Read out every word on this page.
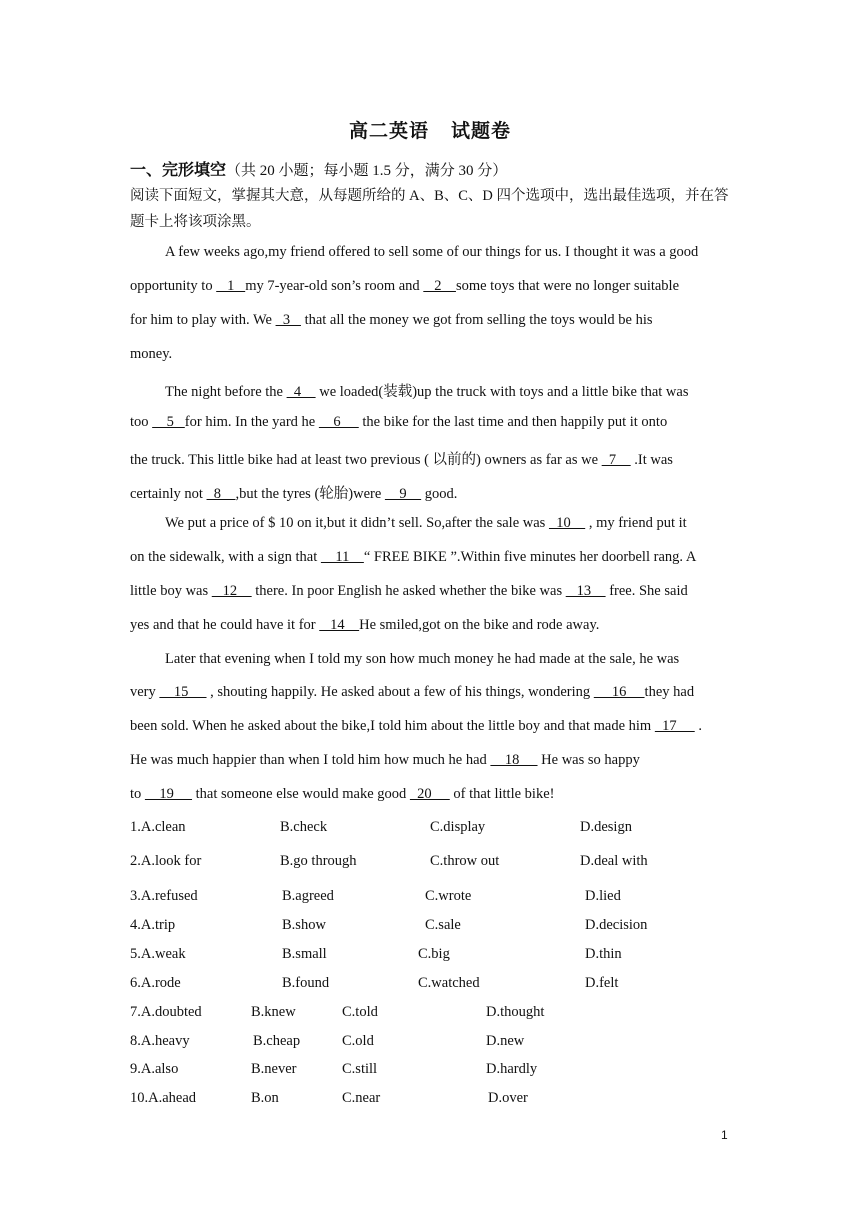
高二英语 试题卷
一、完形填空（共 20 小题；每小题 1.5 分，满分 30 分）
阅读下面短文，掌握其大意，从每题所给的 A、B、C、D 四个选项中，选出最佳选项，并在答题卡上将该项涂黑。
A few weeks ago,my friend offered to sell some of our things for us. I thought it was a good
opportunity to    1   my 7-year-old son’s room and    2    some toys that were no longer suitable
for him to play with. We   3    that all the money we got from selling the toys would be his
money.
The night before the   4     we loaded(装载)up the truck with toys and a little bike that was
too     5   for him. In the yard he     6      the bike for the last time and then happily put it onto
the truck. This little bike had at least two previous ( 以前的) owners as far as we   7     .It was
certainly not   8    ,but the tyres (轮胎)were     9     good.
We put a price of $ 10 on it,but it didn’t sell. So,after the sale was   10     , my friend put it
on the sidewalk, with a sign that     11    “ FREE BIKE ”.Within five minutes her doorbell rang. A
little boy was    12     there. In poor English he asked whether the bike was    13     free. She said
yes and that he could have it for    14    He smiled,got on the bike and rode away.
Later that evening when I told my son how much money he had made at the sale, he was
very     15      , shouting happily. He asked about a few of his things, wondering      16     they had
been sold. When he asked about the bike,I told him about the little boy and that made him   17      .
He was much happier than when I told him how much he had     18      He was so happy
to     19      that someone else would make good   20      of that little bike!
1.A.clean	B.check	C.display	D.design
2.A.look for	B.go through	C.throw out	D.deal with
3.A.refused	B.agreed	C.wrote	D.lied
4.A.trip	B.show	C.sale	D.decision
5.A.weak	B.small	C.big	D.thin
6.A.rode	B.found	C.watched	D.felt
7.A.doubted	B.knew	C.told	D.thought
8.A.heavy	B.cheap	C.old	D.new
9.A.also	B.never	C.still	D.hardly
10.A.ahead	B.on	C.near	D.over
1
